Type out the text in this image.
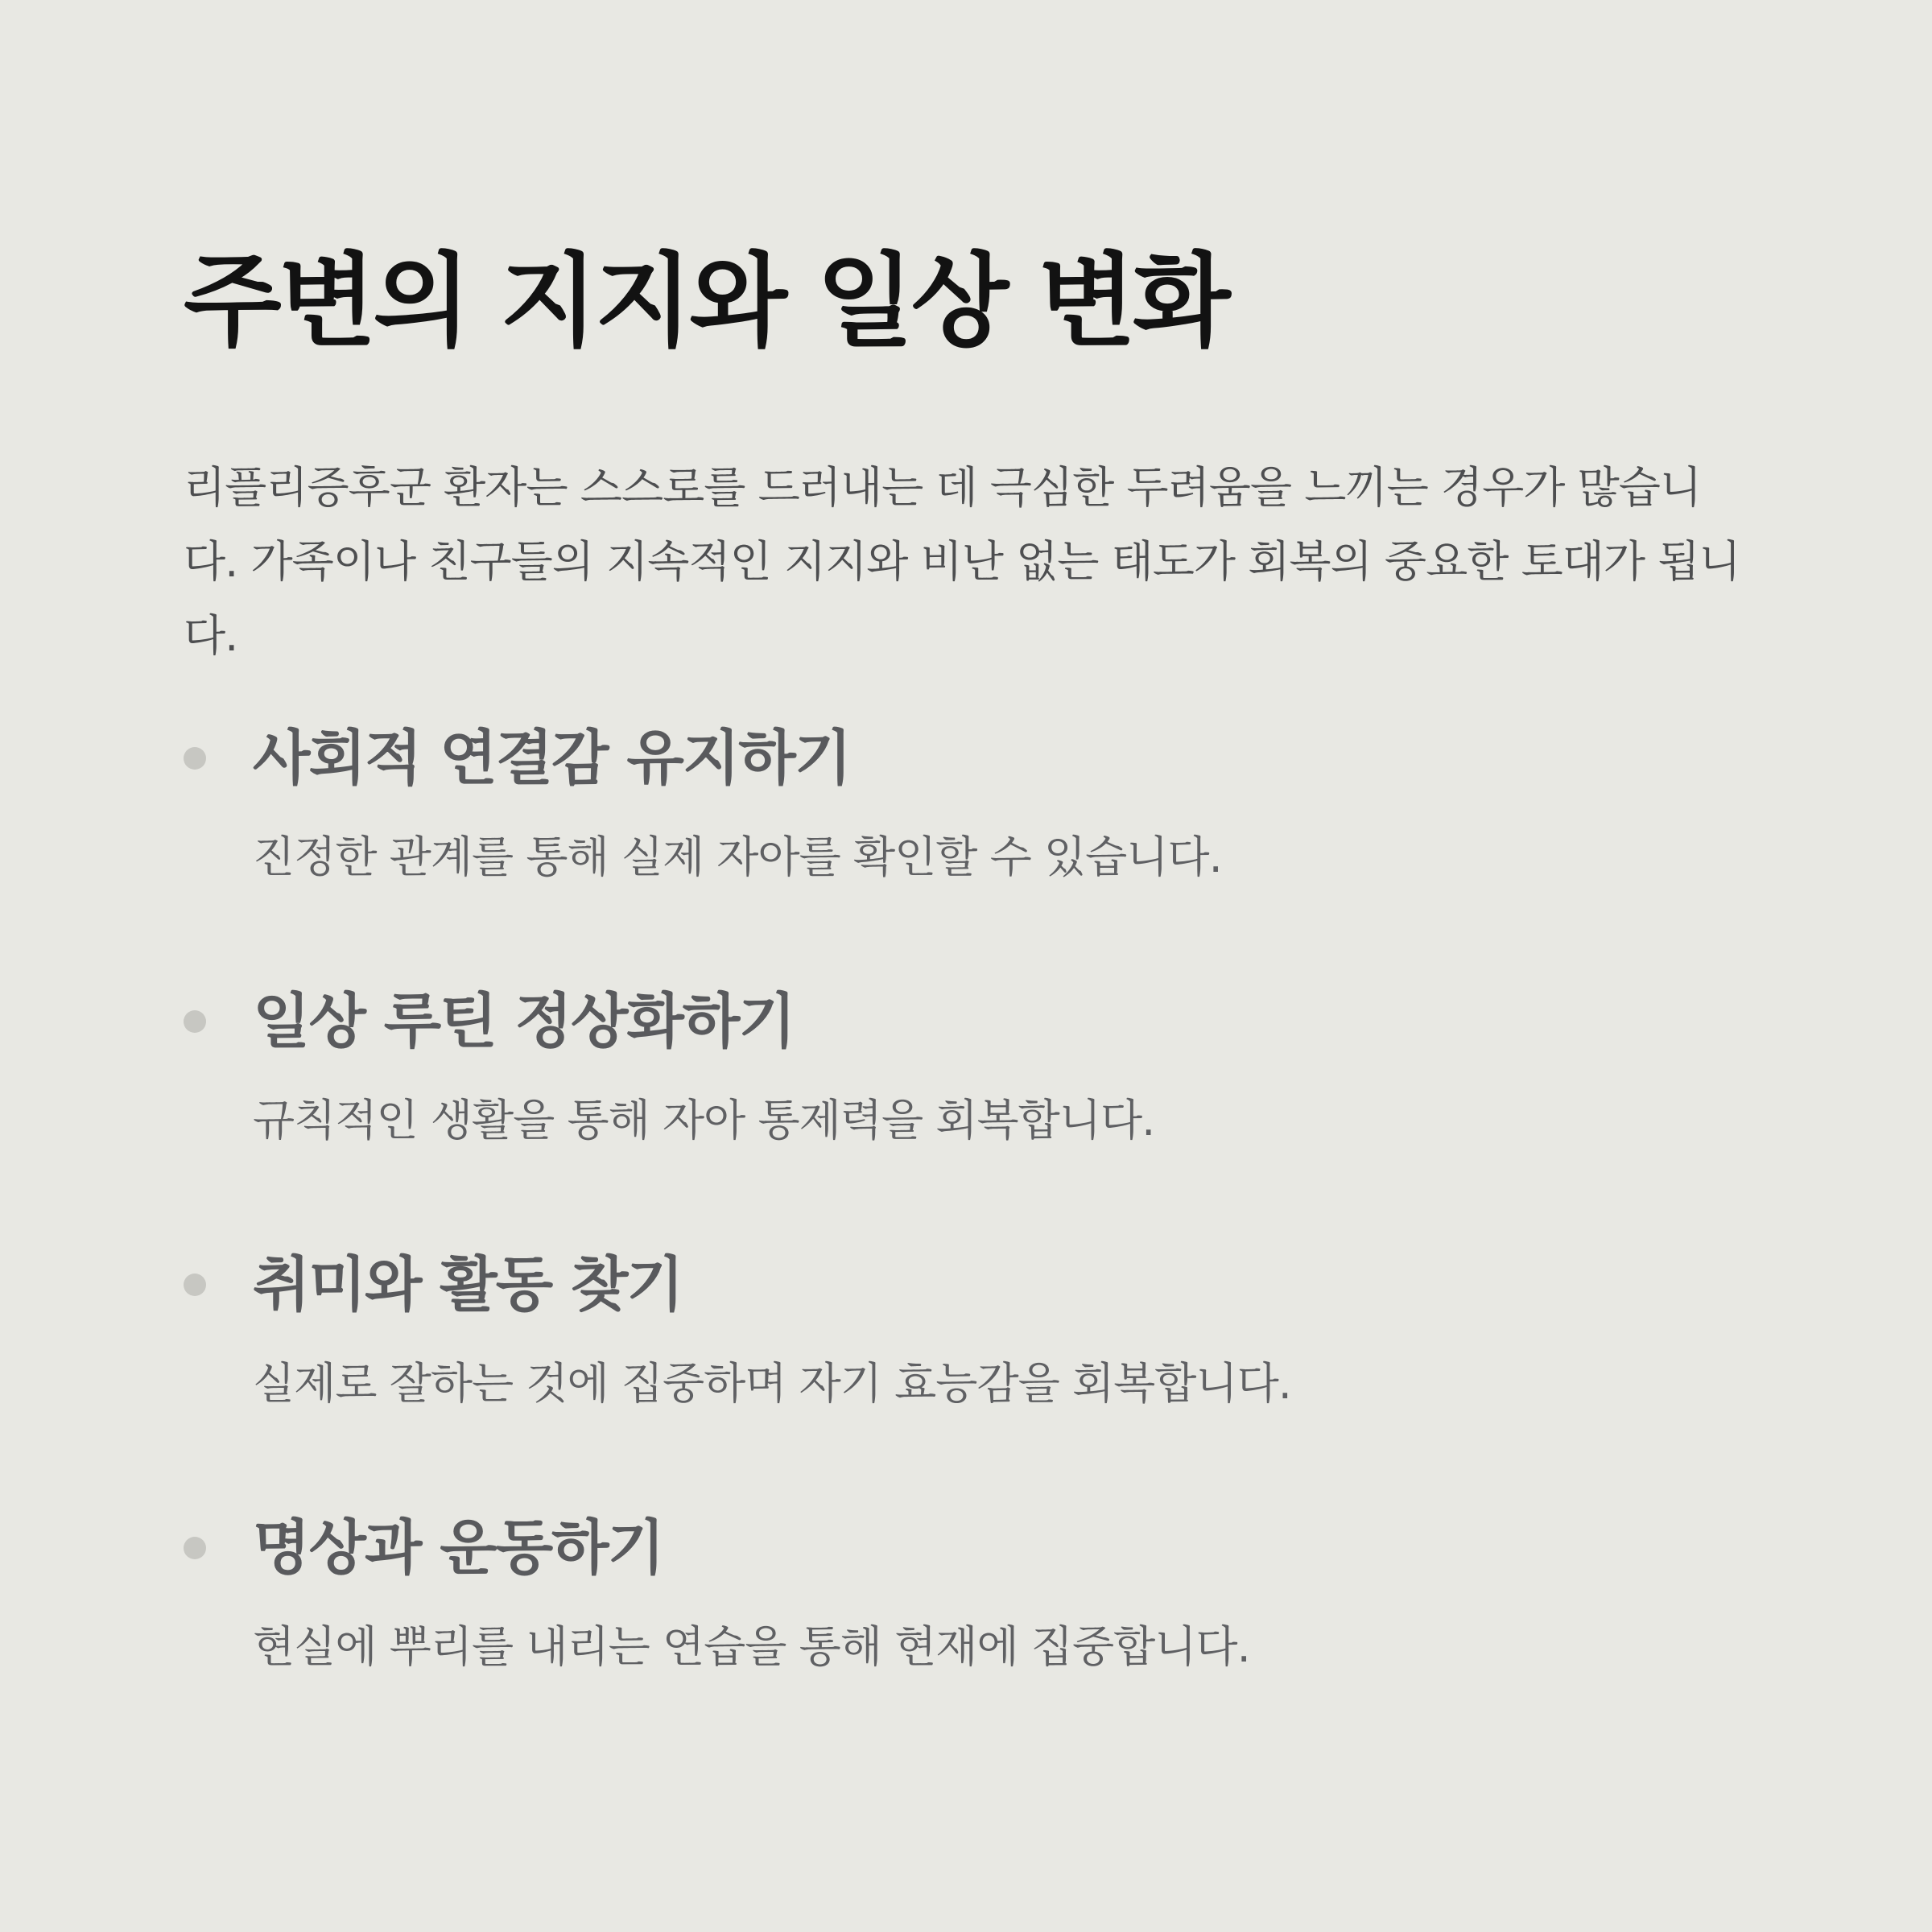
주변의 지지와 일상 변화

리플리증후군 환자는 스스로를 드러내는 데 극심한 두려움을 느끼는 경우가 많습니다. 가족이나 친구들의 지속적인 지지와 비난 없는 태도가 회복의 중요한 토대가 됩니다.

사회적 연결감 유지하기

진정한 관계를 통해 실제 자아를 확인할 수 있습니다.

일상 루틴 정상화하기

규칙적인 생활을 통해 자아 통제력을 회복합니다.

취미와 활동 찾기

실제로 잘하는 것에 집중하며 자기 효능감을 회복합니다.

명상과 운동하기

현실에 뿌리를 내리는 연습을 통해 현재에 집중합니다.
